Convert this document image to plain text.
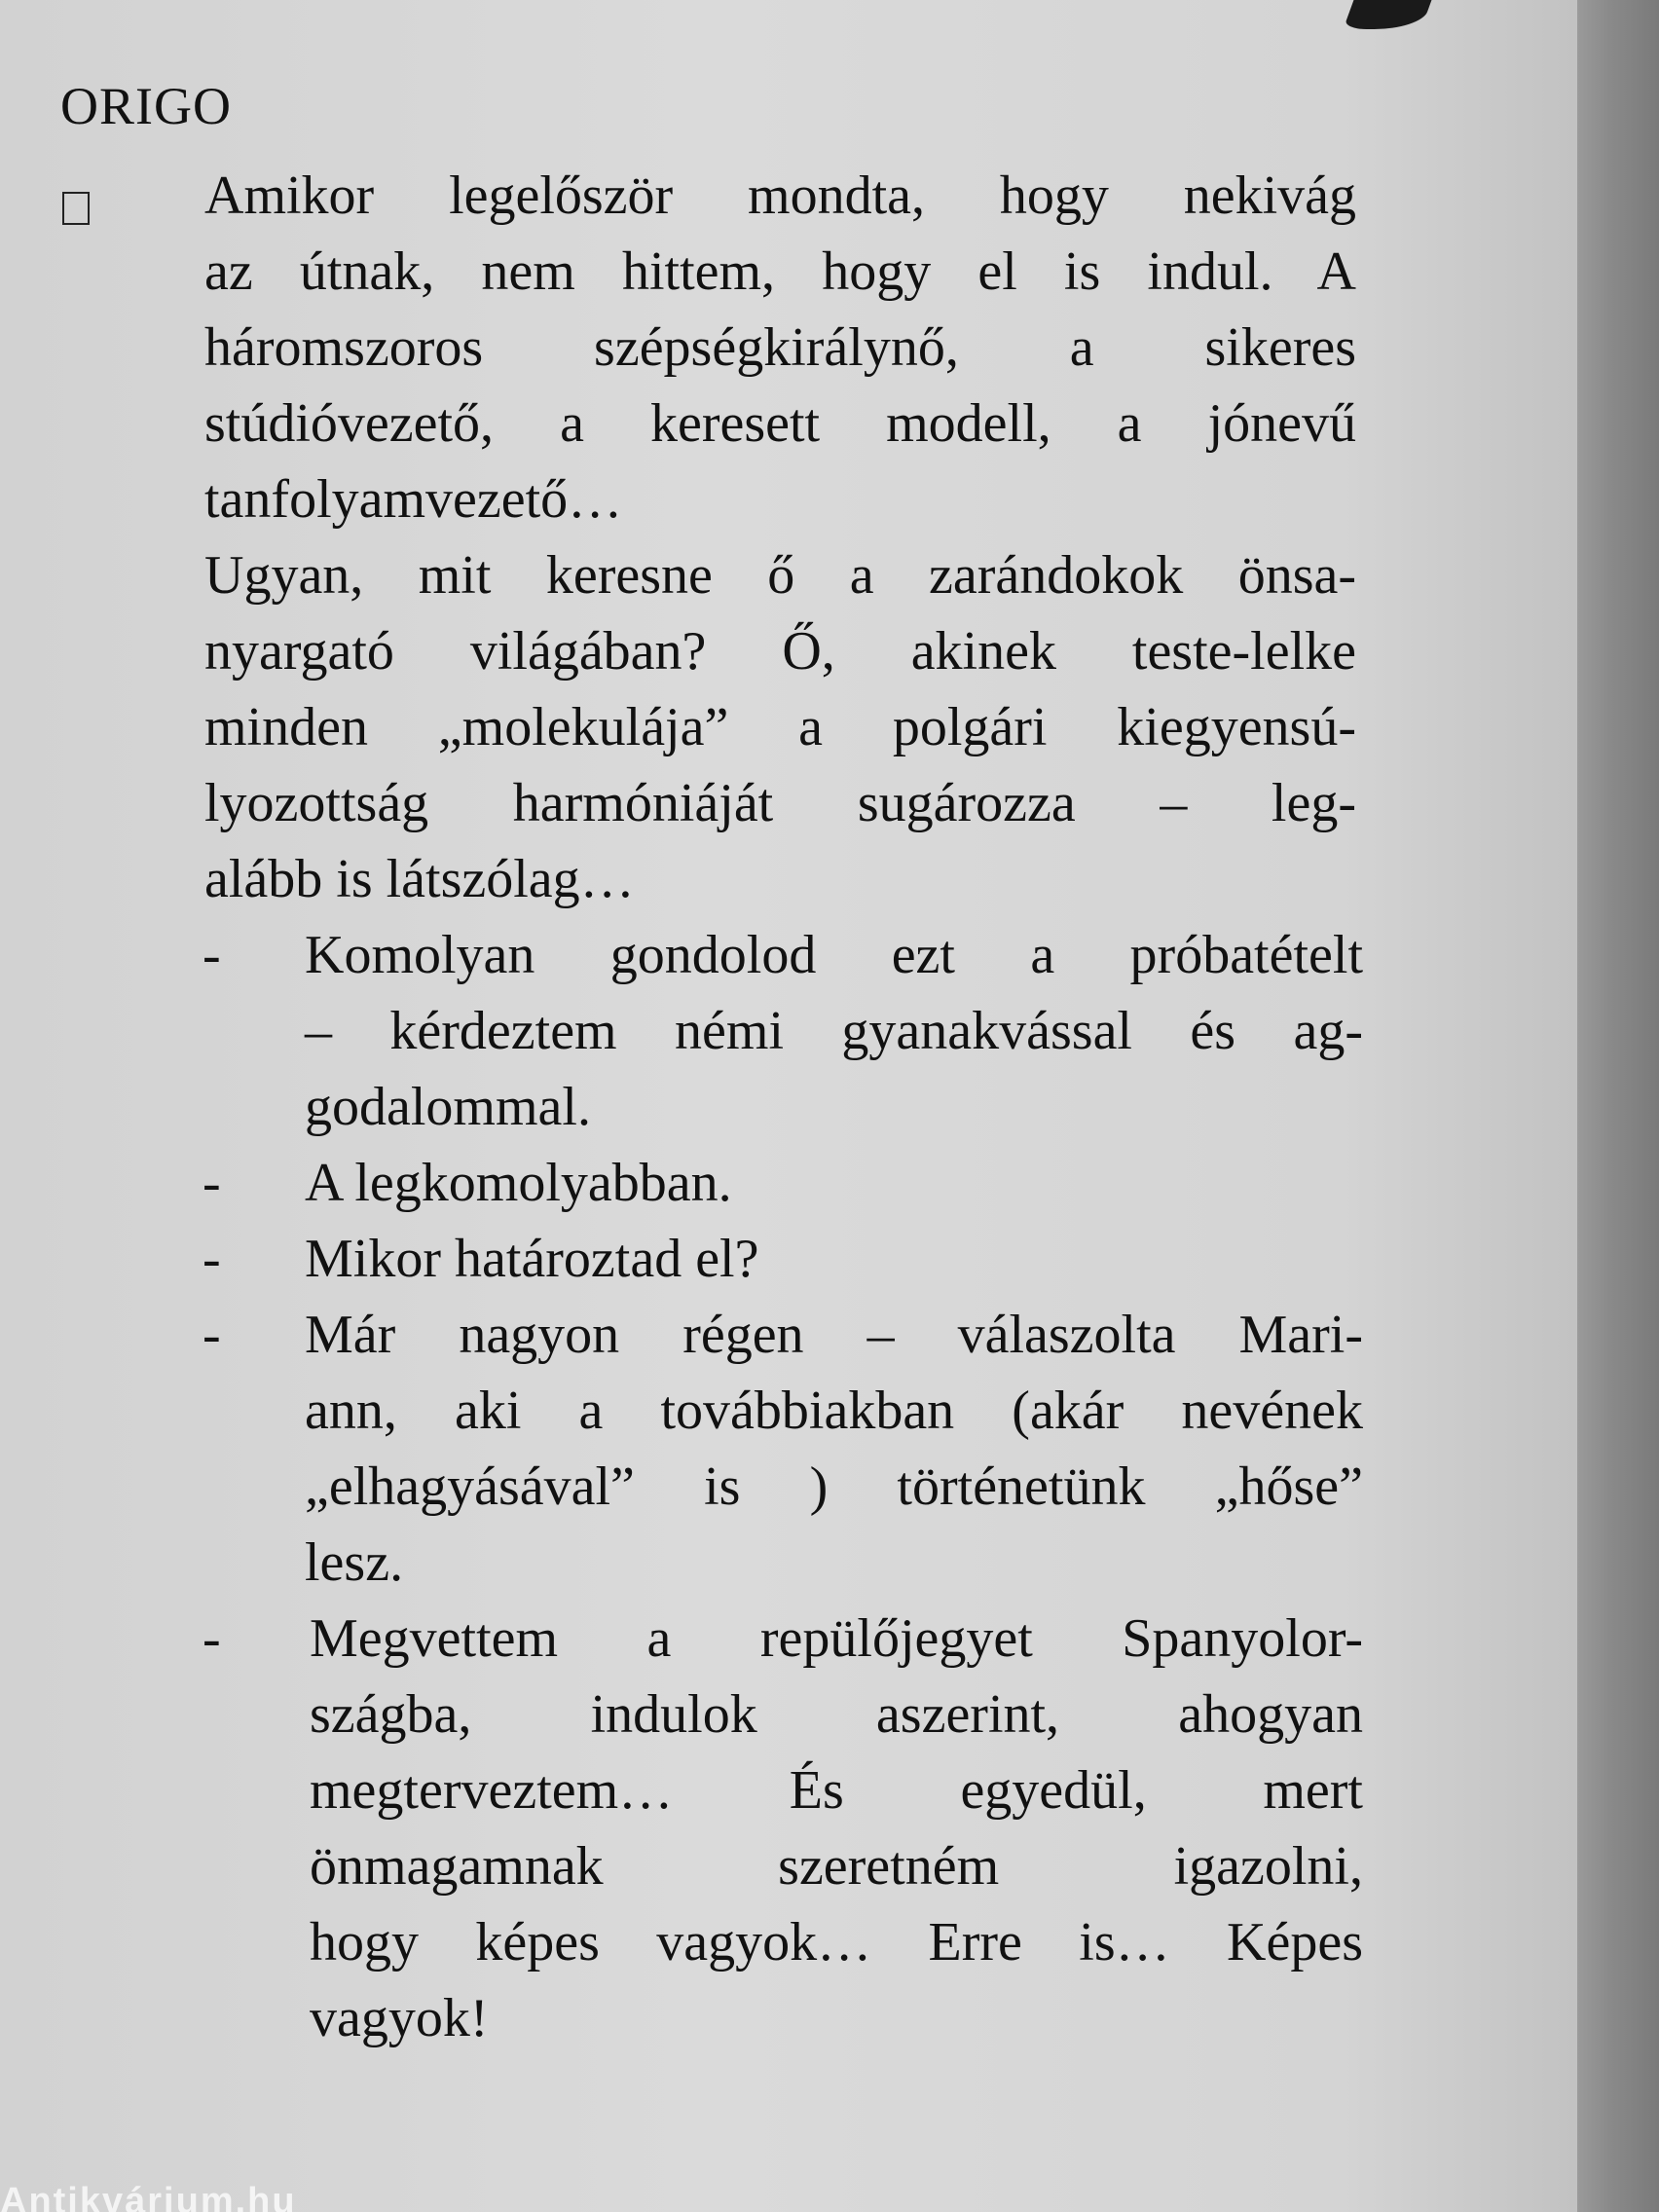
ORIGO
Amikor legelőször mondta, hogy nekivág
az útnak, nem hittem, hogy el is indul. A
háromszoros szépségkirálynő, a sikeres
stúdióvezető, a keresett modell, a jónevű
tanfolyamvezető…
Ugyan, mit keresne ő a zarándokok önsa-
nyargató világában? Ő, akinek teste-lelke
minden „molekulája” a polgári kiegyensú-
lyozottság harmóniáját sugározza – leg-
alább is látszólag…
- Komolyan gondolod ezt a próbatételt
– kérdeztem némi gyanakvással és ag-
godalommal.
- A legkomolyabban.
- Mikor határoztad el?
- Már nagyon régen – válaszolta Mari-
ann, aki a továbbiakban (akár nevének
„elhagyásával” is ) történetünk „hőse”
lesz.
- Megvettem a repülőjegyet Spanyolor-
szágba, indulok aszerint, ahogyan
megterveztem… És egyedül, mert
önmagamnak szeretném igazolni,
hogy képes vagyok… Erre is… Képes
vagyok!
Antikvárium.hu
